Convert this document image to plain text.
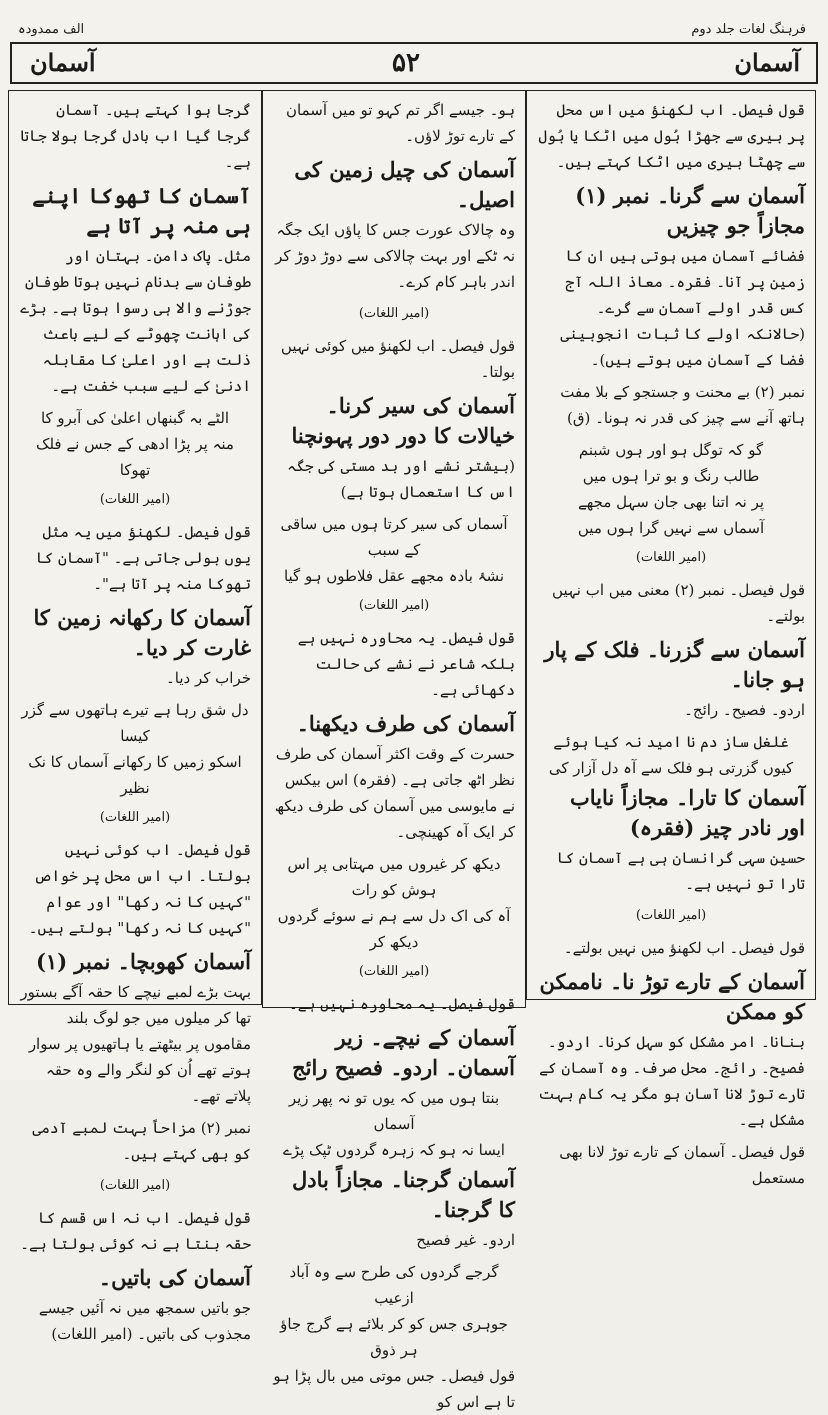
فرہنگ لغات جلد دوم
الف ممدودہ
آسمان
۵۲
آسمان

قول فیصل۔ اب لکھنؤ میں اس محل پر بیری سے جھڑا بُول میں اٹکا یا بُول سے چھٹا بیری میں اٹکا کہتے ہیں۔

آسمان سے گرنا۔ نمبر (۱) مجازاً جو چیزیں

فضائے آسمان میں ہوتی ہیں ان کا زمین پر آنا۔ فقرہ۔ معاذ اللہ آج کس قدر اولے آسمان سے گرے۔ (حالانکہ اولے کا ثبات انجوبینی فضا کے آسمان میں ہوتے ہیں)۔

نمبر (۲) بے محنت و جستجو کے بلا مفت ہاتھ آنے سے چیز کی قدر نہ ہونا۔ (ق)

گو کہ توگل ہو اور ہوں شبنم

طالب رنگ و بو ترا ہوں میں

پر نہ اتنا بھی جان سہل مجھے

آسماں سے نہیں گرا ہوں میں

(امیر اللغات)

قول فیصل۔ نمبر (۲) معنی میں اب نہیں بولتے۔

آسمان سے گزرنا۔ فلک کے پار ہو جانا۔

اردو۔ فصیح۔ رائج۔

غلغل ساز دم نا امید نہ کیا ہوئے

کیوں گزرتی ہو فلک سے آہ دل آزار کی

آسمان کا تارا۔ مجازاً نایاب اور نادر چیز (فقرہ)

حسین سہی گرانسان ہی ہے آسمان کا تارا تو نہیں ہے۔

(امیر اللغات)

قول فیصل۔ اب لکھنؤ میں نہیں بولتے۔

آسمان کے تارے توڑ نا۔ ناممکن کو ممکن

بنانا۔ امر مشکل کو سہل کرنا۔ اردو۔ فصیح۔ رائج۔ محل صرف۔ وہ آسمان کے تارے توڑ لانا آسان ہو مگر یہ کام بہت مشکل ہے۔

قول فیصل۔ آسمان کے تارے توڑ لانا بھی مستعمل

ہو۔ جیسے اگر تم کہو تو میں آسمان کے تارے توڑ لاؤں۔

آسمان کی چیل زمین کی اصیل۔

وہ چالاک عورت جس کا پاؤں ایک جگہ نہ ٹکے اور بہت چالاکی سے دوڑ دوڑ کر اندر باہر کام کرے۔

(امیر اللغات)

قول فیصل۔ اب لکھنؤ میں کوئی نہیں بولتا۔

آسمان کی سیر کرنا۔ خیالات کا دور دور پہونچنا

(بیشتر نشے اور بد مستی کی جگہ اس کا استعمال ہوتا ہے)

آسماں کی سیر کرتا ہوں میں ساقی کے سبب

نشۂ بادہ مجھے عقل فلاطوں ہو گیا

(امیر اللغات)

قول فیصل۔ یہ محاورہ نہیں ہے بلکہ شاعر نے نشے کی حالت دکھائی ہے۔

آسمان کی طرف دیکھنا۔

حسرت کے وقت اکثر آسمان کی طرف نظر اٹھ جاتی ہے۔ (فقرہ) اس بیکس نے مایوسی میں آسمان کی طرف دیکھ کر ایک آہ کھینچی۔

دیکھ کر غیروں میں مہتابی پر اس ہوش کو رات

آہ کی اک دل سے ہم نے سوئے گردوں دیکھ کر

(امیر اللغات)

قول فیصل۔ یہ محاورہ نہیں ہے۔

آسمان کے نیچے۔ زیر آسمان۔ اردو۔ فصیح رائج

بنتا ہوں میں کہ یوں تو نہ پھر زیر آسماں

ایسا نہ ہو کہ زہرہ گردوں ٹپک پڑے

آسمان گرجنا۔ مجازاً بادل کا گرجنا۔

اردو۔ غیر فصیح

گرجے گردوں کی طرح سے وہ آباد ازعیب

جوہری جس کو کر بلائے ہے گرج جاؤ ہر ذوق

قول فیصل۔ جس موتی میں بال پڑا ہو تا ہے اس کو

گرجا ہوا کہتے ہیں۔ آسمان گرجا گیا اب بادل گرجا بولا جاتا ہے۔

آسمان کا تھوکا اپنے ہی منہ پر آتا ہے

مثل۔ پاک دامن۔ بہتان اور طوفان سے بدنام نہیں ہوتا طوفان جوڑنے والا ہی رسوا ہوتا ہے۔ بڑے کی اہانت چھوٹے کے لیے باعث ذلت ہے اور اعلیٰ کا مقابلہ ادنیٰ کے لیے سبب خفت ہے۔

الٹے بہ گبنهاں اعلیٰ کی آبرو کا

منہ پر پڑا ادھی کے جس نے فلک تھوکا

(امیر اللغات)

قول فیصل۔ لکھنؤ میں یہ مثل یوں بولی جاتی ہے۔ "آسمان کا تھوکا منہ پر آتا ہے"۔

آسمان کا رکھانہ زمین کا غارت کر دیا۔

خراب کر دیا۔

دل شق رہا ہے تیرے ہاتھوں سے گزر کیسا

اسکو زمیں کا رکھانے آسماں کا نک نظیر

(امیر اللغات)

قول فیصل۔ اب کوئی نہیں بولتا۔ اب اس محل پر خواص "کہیں کا نہ رکھا" اور عوام "کہیں کا نہ رکھا" بولتے ہیں۔

آسمان کھوبچا۔ نمبر (۱)

بہت بڑے لمبے نیچے کا حقہ آگے بستور تھا کر میلوں میں جو لوگ بلند مقاموں پر بیٹھتے یا ہاتھیوں پر سوار ہوتے تھے اُن کو لنگر والے وہ حقہ پلاتے تھے۔

نمبر (۲) مزاحاً بہت لمبے آدمی کو بھی کہتے ہیں۔

(امیر اللغات)

قول فیصل۔ اب نہ اس قسم کا حقہ بنتا ہے نہ کوئی بولتا ہے۔

آسمان کی باتیں۔

جو باتیں سمجھ میں نہ آئیں جیسے مجذوب کی باتیں۔ (امیر اللغات)
